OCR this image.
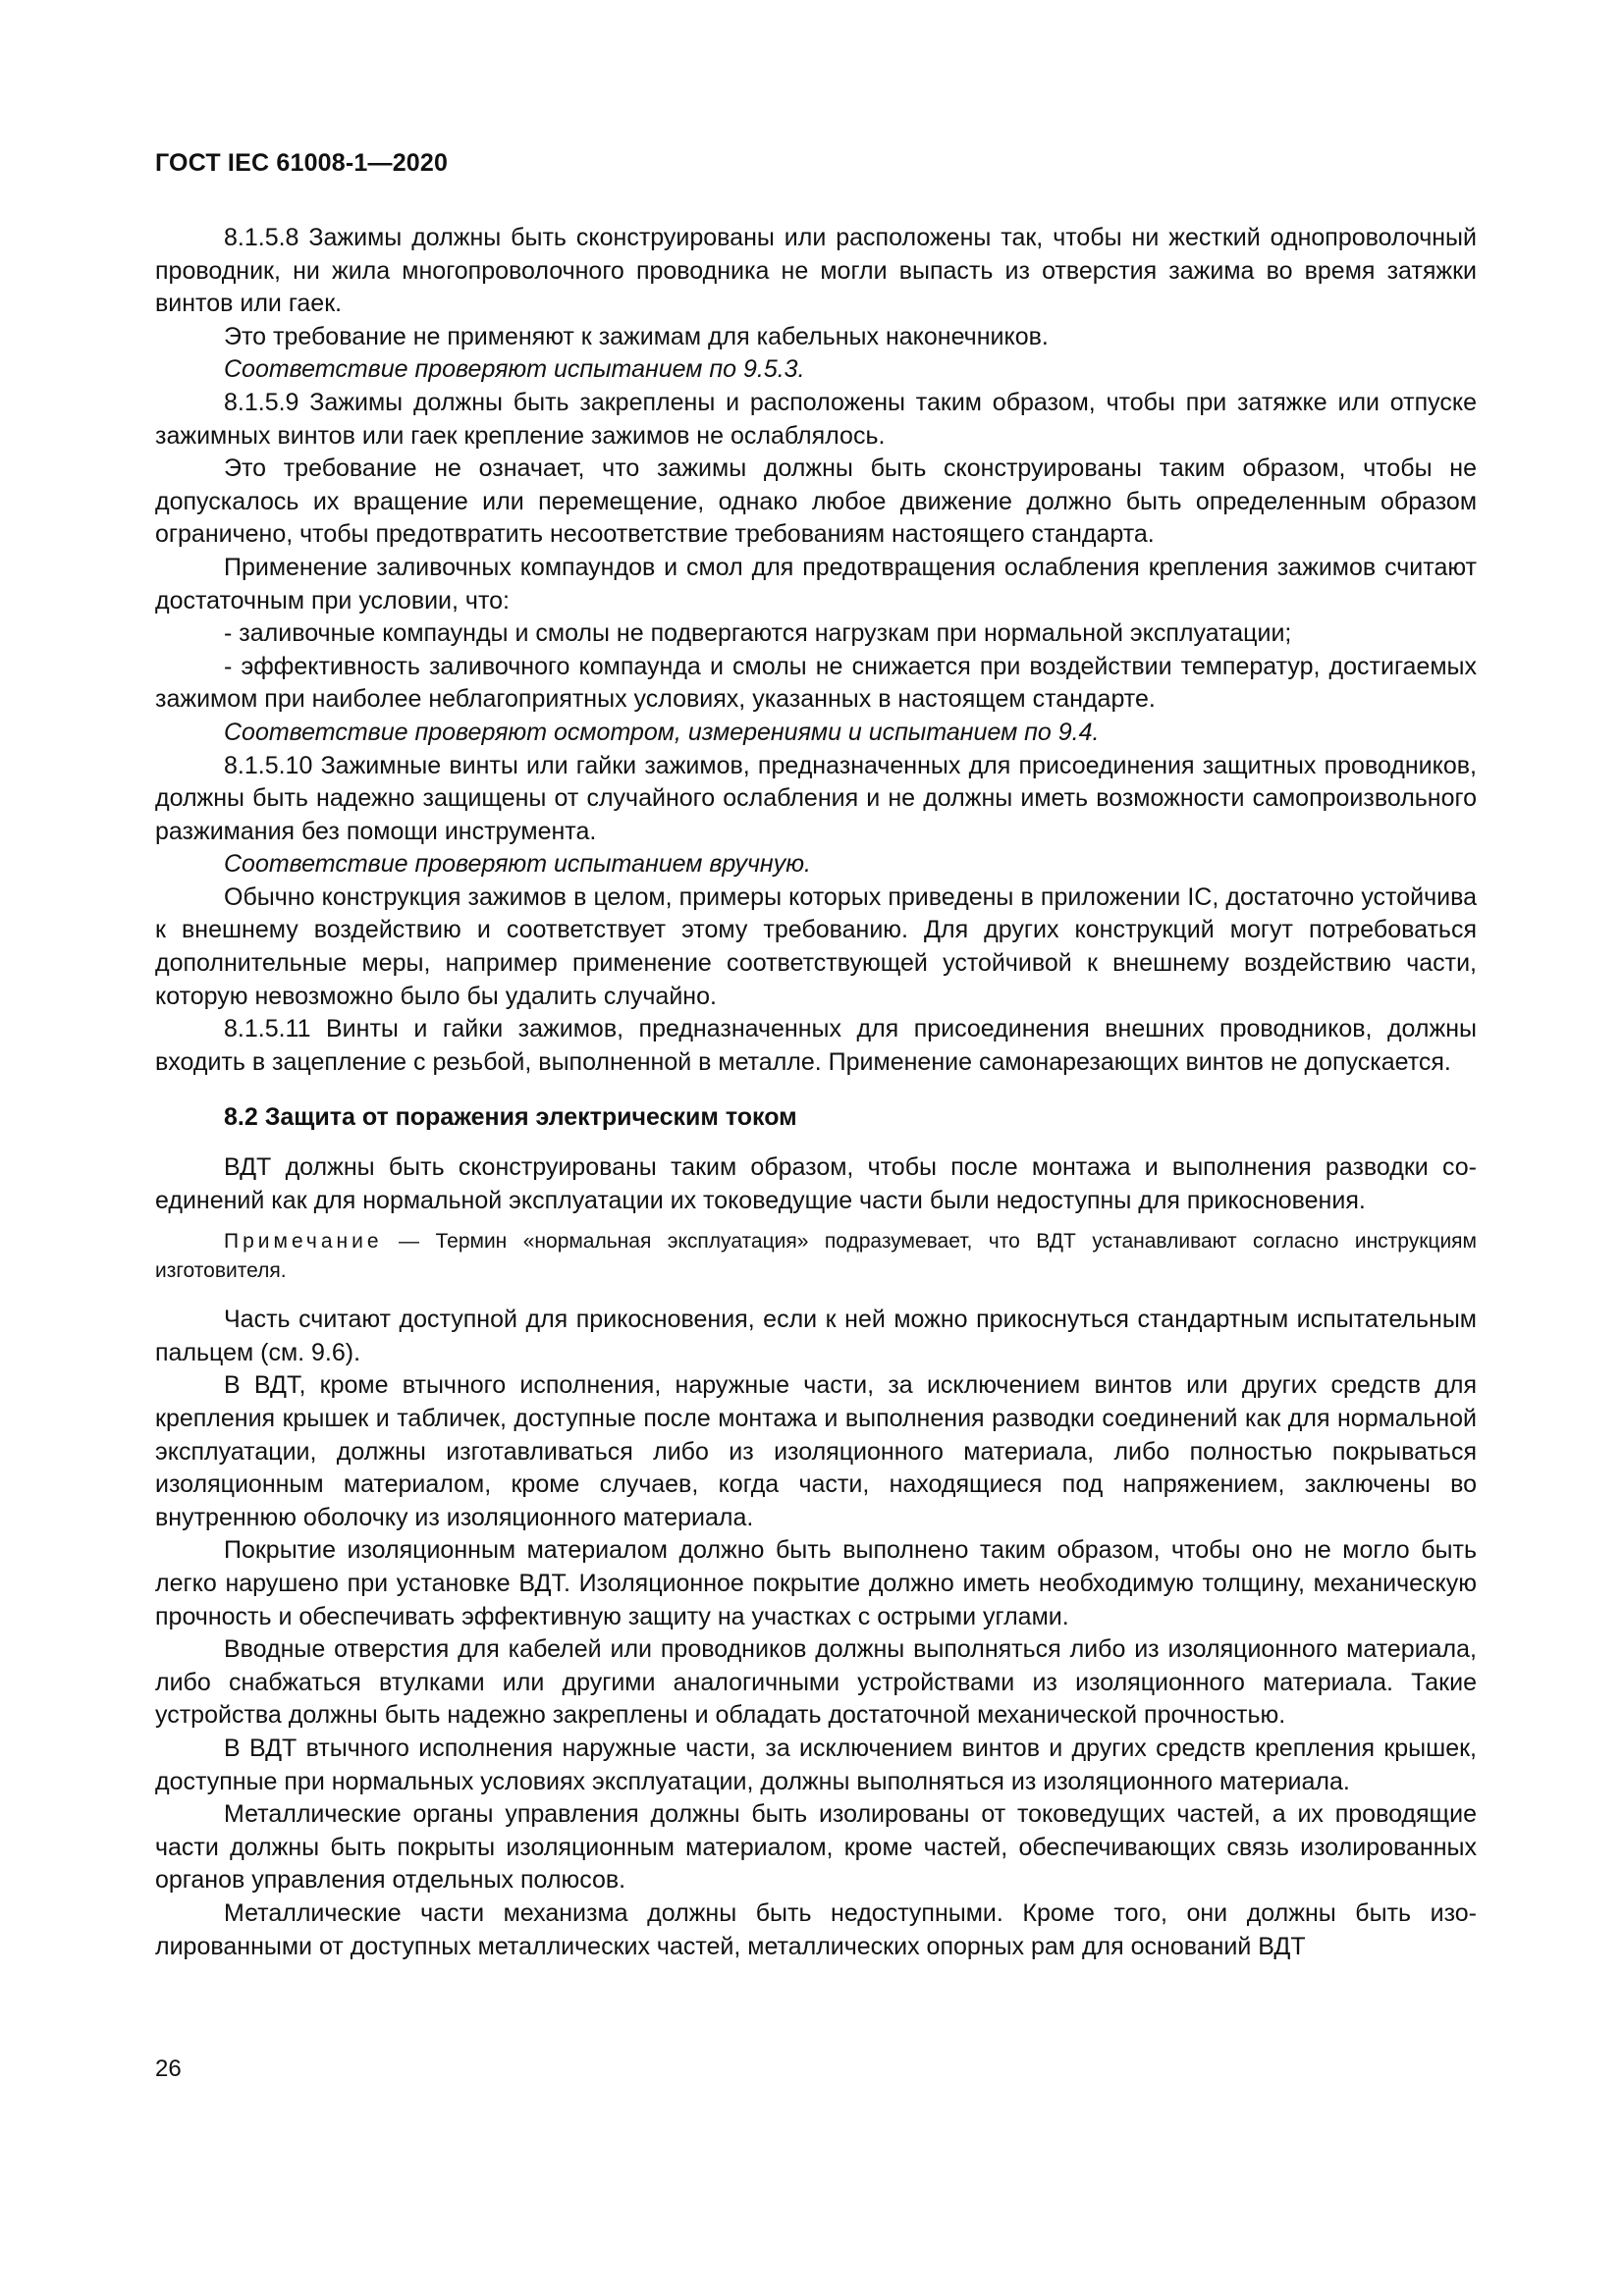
ГОСТ IEC 61008-1—2020

8.1.5.8 Зажимы должны быть сконструированы или расположены так, чтобы ни жесткий однопроволочный проводник, ни жила многопроволочного проводника не могли выпасть из отверстия зажима во время затяжки винтов или гаек.

Это требование не применяют к зажимам для кабельных наконечников.

Соответствие проверяют испытанием по 9.5.3.

8.1.5.9 Зажимы должны быть закреплены и расположены таким образом, чтобы при затяжке или отпуске зажимных винтов или гаек крепление зажимов не ослаблялось.

Это требование не означает, что зажимы должны быть сконструированы таким образом, чтобы не допускалось их вращение или перемещение, однако любое движение должно быть определенным образом ограничено, чтобы предотвратить несоответствие требованиям настоящего стандарта.

Применение заливочных компаундов и смол для предотвращения ослабления крепления зажимов считают достаточным при условии, что:

- заливочные компаунды и смолы не подвергаются нагрузкам при нормальной эксплуатации;

- эффективность заливочного компаунда и смолы не снижается при воздействии температур, достигаемых зажимом при наиболее неблагоприятных условиях, указанных в настоящем стандарте.

Соответствие проверяют осмотром, измерениями и испытанием по 9.4.

8.1.5.10 Зажимные винты или гайки зажимов, предназначенных для присоединения защитных проводников, должны быть надежно защищены от случайного ослабления и не должны иметь возможности самопроизвольного разжимания без помощи инструмента.

Соответствие проверяют испытанием вручную.

Обычно конструкция зажимов в целом, примеры которых приведены в приложении IC, достаточно устойчива к внешнему воздействию и соответствует этому требованию. Для других конструкций могут потребоваться дополнительные меры, например применение соответствующей устойчивой к внешнему воздействию части, которую невозможно было бы удалить случайно.

8.1.5.11 Винты и гайки зажимов, предназначенных для присоединения внешних проводников, должны входить в зацепление с резьбой, выполненной в металле. Применение самонарезающих винтов не допускается.

8.2 Защита от поражения электрическим током

ВДТ должны быть сконструированы таким образом, чтобы после монтажа и выполнения разводки соединений как для нормальной эксплуатации их токоведущие части были недоступны для прикосновения.

Примечание — Термин «нормальная эксплуатация» подразумевает, что ВДТ устанавливают согласно инструкциям изготовителя.

Часть считают доступной для прикосновения, если к ней можно прикоснуться стандартным испытательным пальцем (см. 9.6).

В ВДТ, кроме втычного исполнения, наружные части, за исключением винтов или других средств для крепления крышек и табличек, доступные после монтажа и выполнения разводки соединений как для нормальной эксплуатации, должны изготавливаться либо из изоляционного материала, либо полностью покрываться изоляционным материалом, кроме случаев, когда части, находящиеся под напряжением, заключены во внутреннюю оболочку из изоляционного материала.

Покрытие изоляционным материалом должно быть выполнено таким образом, чтобы оно не могло быть легко нарушено при установке ВДТ. Изоляционное покрытие должно иметь необходимую толщину, механическую прочность и обеспечивать эффективную защиту на участках с острыми углами.

Вводные отверстия для кабелей или проводников должны выполняться либо из изоляционного материала, либо снабжаться втулками или другими аналогичными устройствами из изоляционного материала. Такие устройства должны быть надежно закреплены и обладать достаточной механической прочностью.

В ВДТ втычного исполнения наружные части, за исключением винтов и других средств крепления крышек, доступные при нормальных условиях эксплуатации, должны выполняться из изоляционного материала.

Металлические органы управления должны быть изолированы от токоведущих частей, а их проводящие части должны быть покрыты изоляционным материалом, кроме частей, обеспечивающих связь изолированных органов управления отдельных полюсов.

Металлические части механизма должны быть недоступными. Кроме того, они должны быть изолированными от доступных металлических частей, металлических опорных рам для оснований ВДТ

26
